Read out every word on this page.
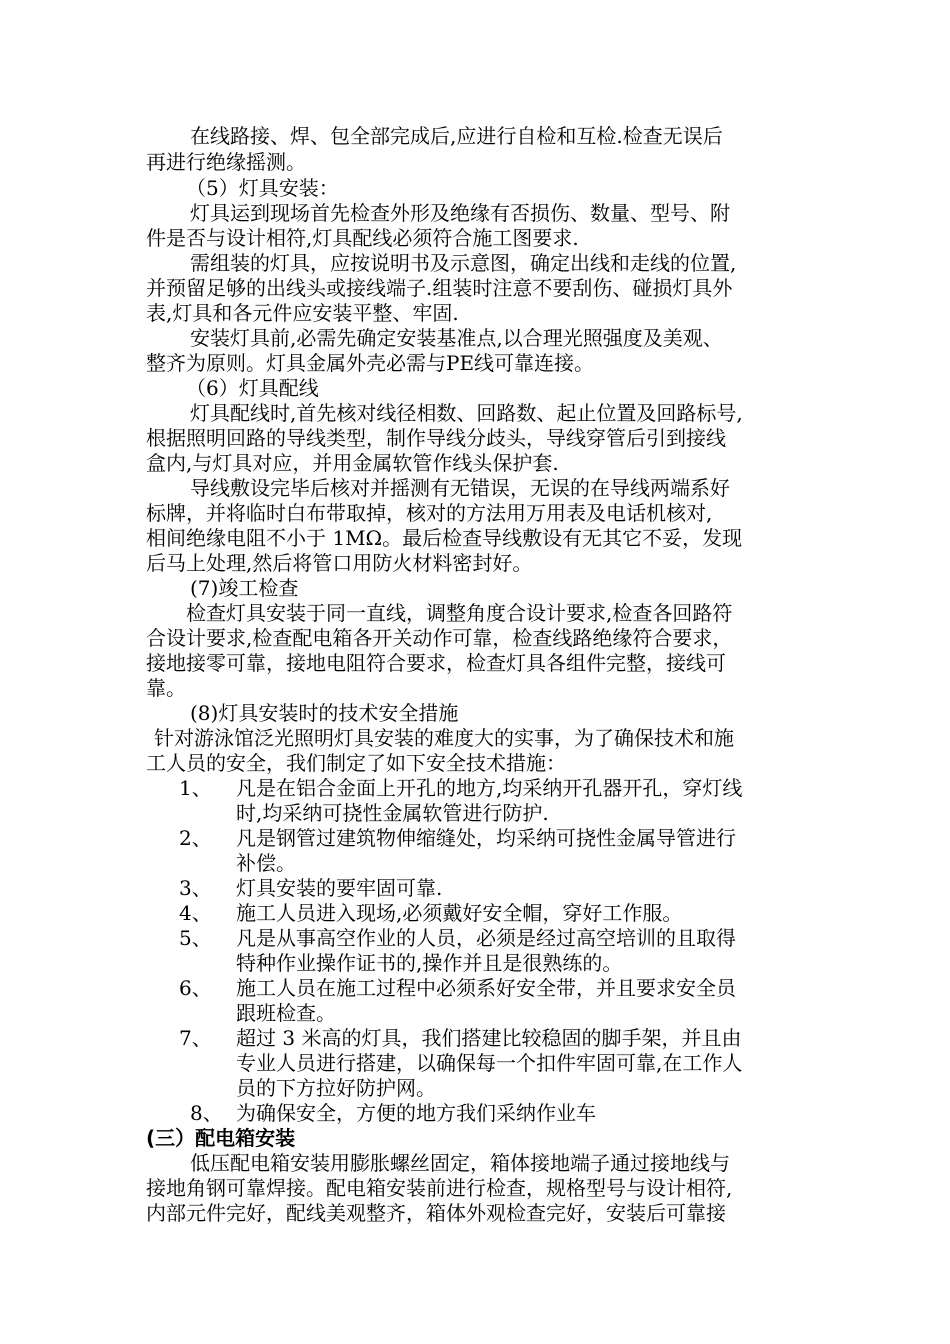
在线路接、焊、包全部完成后,应进行自检和互检.检查无误后
再进行绝缘摇测。
（5）灯具安装：
灯具运到现场首先检查外形及绝缘有否损伤、数量、型号、附
件是否与设计相符,灯具配线必须符合施工图要求.
需组装的灯具，应按说明书及示意图，确定出线和走线的位置,
并预留足够的出线头或接线端子.组装时注意不要刮伤、碰损灯具外
表,灯具和各元件应安装平整、牢固.
安装灯具前,必需先确定安装基准点,以合理光照强度及美观、
整齐为原则。灯具金属外壳必需与PE线可靠连接。
（6）灯具配线
灯具配线时,首先核对线径相数、回路数、起止位置及回路标号,
根据照明回路的导线类型，制作导线分歧头，导线穿管后引到接线
盒内,与灯具对应，并用金属软管作线头保护套.
导线敷设完毕后核对并摇测有无错误，无误的在导线两端系好
标牌，并将临时白布带取掉，核对的方法用万用表及电话机核对,
相间绝缘电阻不小于 1MΩ。最后检查导线敷设有无其它不妥，发现
后马上处理,然后将管口用防火材料密封好。
(7)竣工检查
检查灯具安装于同一直线，调整角度合设计要求,检查各回路符
合设计要求,检查配电箱各开关动作可靠，检查线路绝缘符合要求，
接地接零可靠，接地电阻符合要求，检查灯具各组件完整，接线可
靠。
(8)灯具安装时的技术安全措施
针对游泳馆泛光照明灯具安装的难度大的实事，为了确保技术和施
工人员的安全，我们制定了如下安全技术措施：
1、 凡是在铝合金面上开孔的地方,均采纳开孔器开孔，穿灯线
时,均采纳可挠性金属软管进行防护.
2、 凡是钢管过建筑物伸缩缝处，均采纳可挠性金属导管进行
补偿。
3、 灯具安装的要牢固可靠.
4、 施工人员进入现场,必须戴好安全帽，穿好工作服。
5、 凡是从事高空作业的人员，必须是经过高空培训的且取得
特种作业操作证书的,操作并且是很熟练的。
6、 施工人员在施工过程中必须系好安全带，并且要求安全员
跟班检查。
7、 超过 3 米高的灯具，我们搭建比较稳固的脚手架，并且由
专业人员进行搭建，以确保每一个扣件牢固可靠,在工作人
员的下方拉好防护网。
8、 为确保安全，方便的地方我们采纳作业车
(三）配电箱安装
低压配电箱安装用膨胀螺丝固定，箱体接地端子通过接地线与
接地角钢可靠焊接。配电箱安装前进行检查，规格型号与设计相符,
内部元件完好，配线美观整齐，箱体外观检查完好，安装后可靠接
